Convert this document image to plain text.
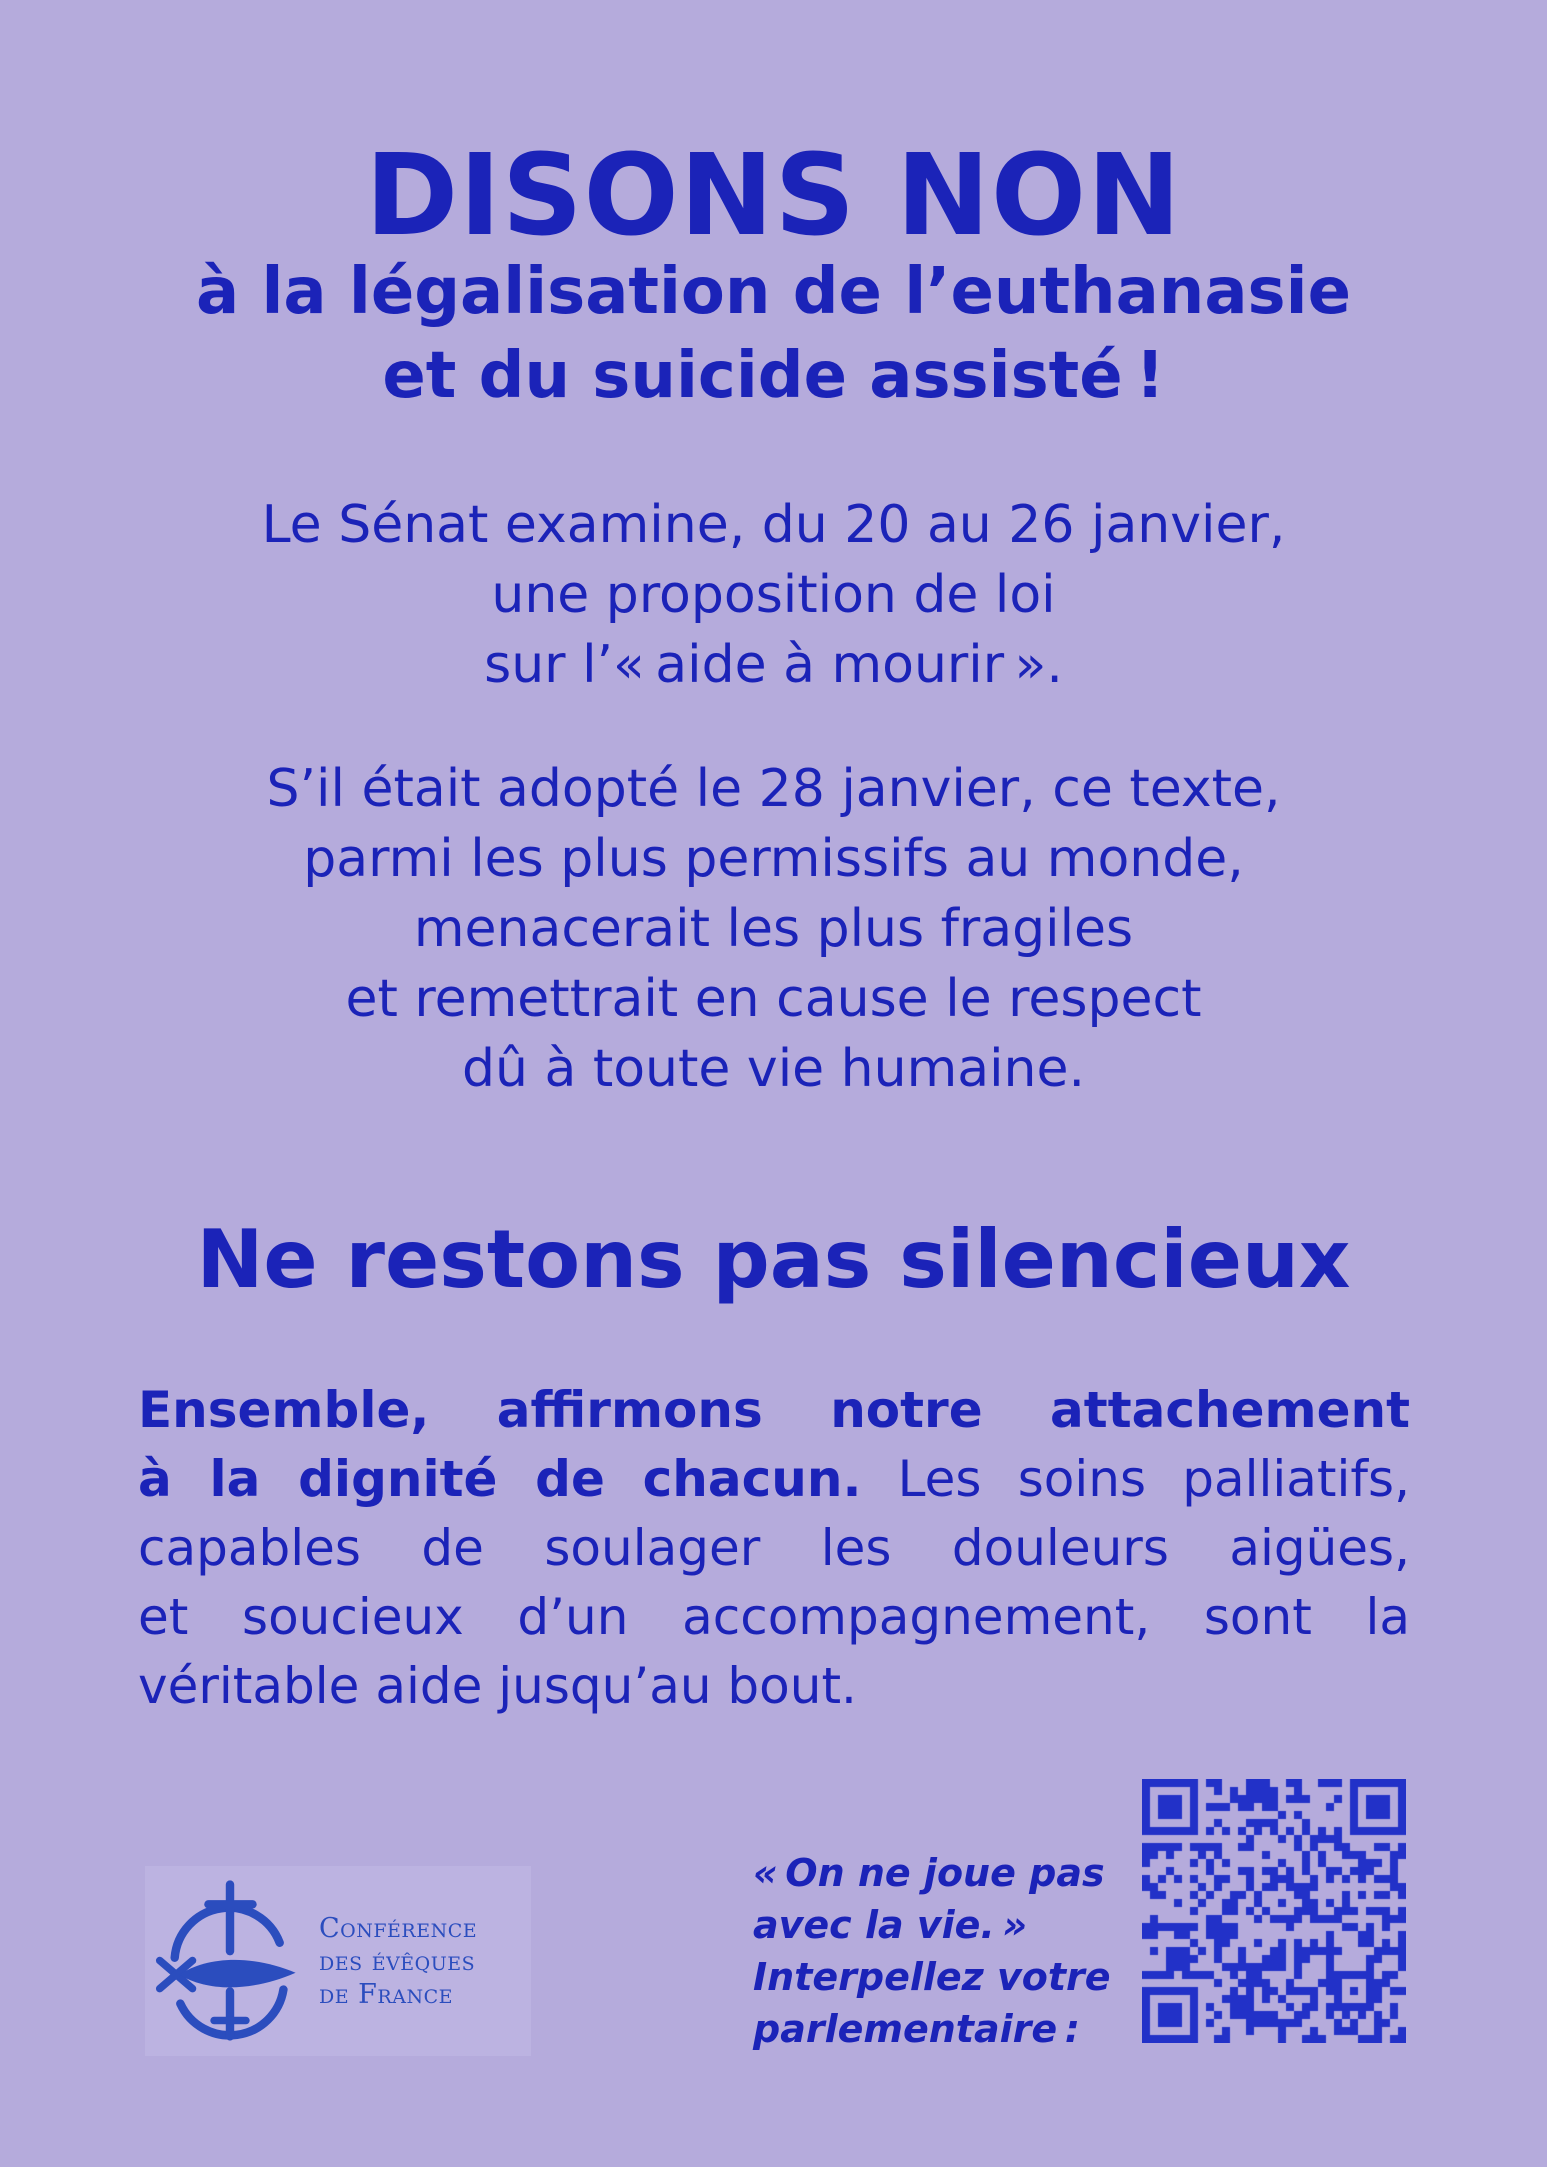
DISONS NON
à la légalisation de l’euthanasie
et du suicide assisté !

Le Sénat examine, du 20 au 26 janvier,
une proposition de loi
sur l’« aide à mourir ».

S’il était adopté le 28 janvier, ce texte,
parmi les plus permissifs au monde,
menacerait les plus fragiles
et remettrait en cause le respect
dû à toute vie humaine.

Ne restons pas silencieux
Ensemble, affirmons notre attachement
à la dignité de chacun. Les soins palliatifs,
capables de soulager les douleurs aigües,
et soucieux d’un accompagnement, sont la
véritable aide jusqu’au bout.
Conférence
des évêques
de France
« On ne joue pas
avec la vie. »
Interpellez votre
parlementaire :
